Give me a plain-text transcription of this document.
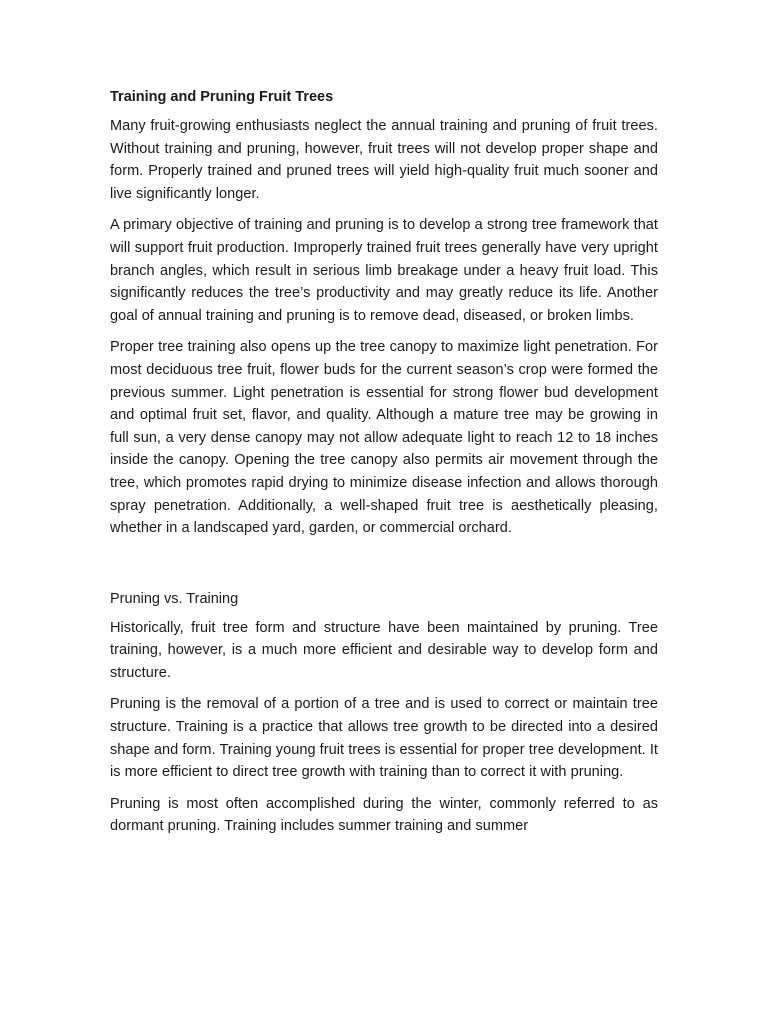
Training and Pruning Fruit Trees

Many fruit-growing enthusiasts neglect the annual training and pruning of fruit trees. Without training and pruning, however, fruit trees will not develop proper shape and form. Properly trained and pruned trees will yield high-quality fruit much sooner and live significantly longer.

A primary objective of training and pruning is to develop a strong tree framework that will support fruit production. Improperly trained fruit trees generally have very upright branch angles, which result in serious limb breakage under a heavy fruit load. This significantly reduces the tree’s productivity and may greatly reduce its life. Another goal of annual training and pruning is to remove dead, diseased, or broken limbs.

Proper tree training also opens up the tree canopy to maximize light penetration. For most deciduous tree fruit, flower buds for the current season’s crop were formed the previous summer. Light penetration is essential for strong flower bud development and optimal fruit set, flavor, and quality. Although a mature tree may be growing in full sun, a very dense canopy may not allow adequate light to reach 12 to 18 inches inside the canopy. Opening the tree canopy also permits air movement through the tree, which promotes rapid drying to minimize disease infection and allows thorough spray penetration. Additionally, a well-shaped fruit tree is aesthetically pleasing, whether in a landscaped yard, garden, or commercial orchard.

Pruning vs. Training

Historically, fruit tree form and structure have been maintained by pruning. Tree training, however, is a much more efficient and desirable way to develop form and structure.

Pruning is the removal of a portion of a tree and is used to correct or maintain tree structure. Training is a practice that allows tree growth to be directed into a desired shape and form. Training young fruit trees is essential for proper tree development. It is more efficient to direct tree growth with training than to correct it with pruning.

Pruning is most often accomplished during the winter, commonly referred to as dormant pruning. Training includes summer training and summer
